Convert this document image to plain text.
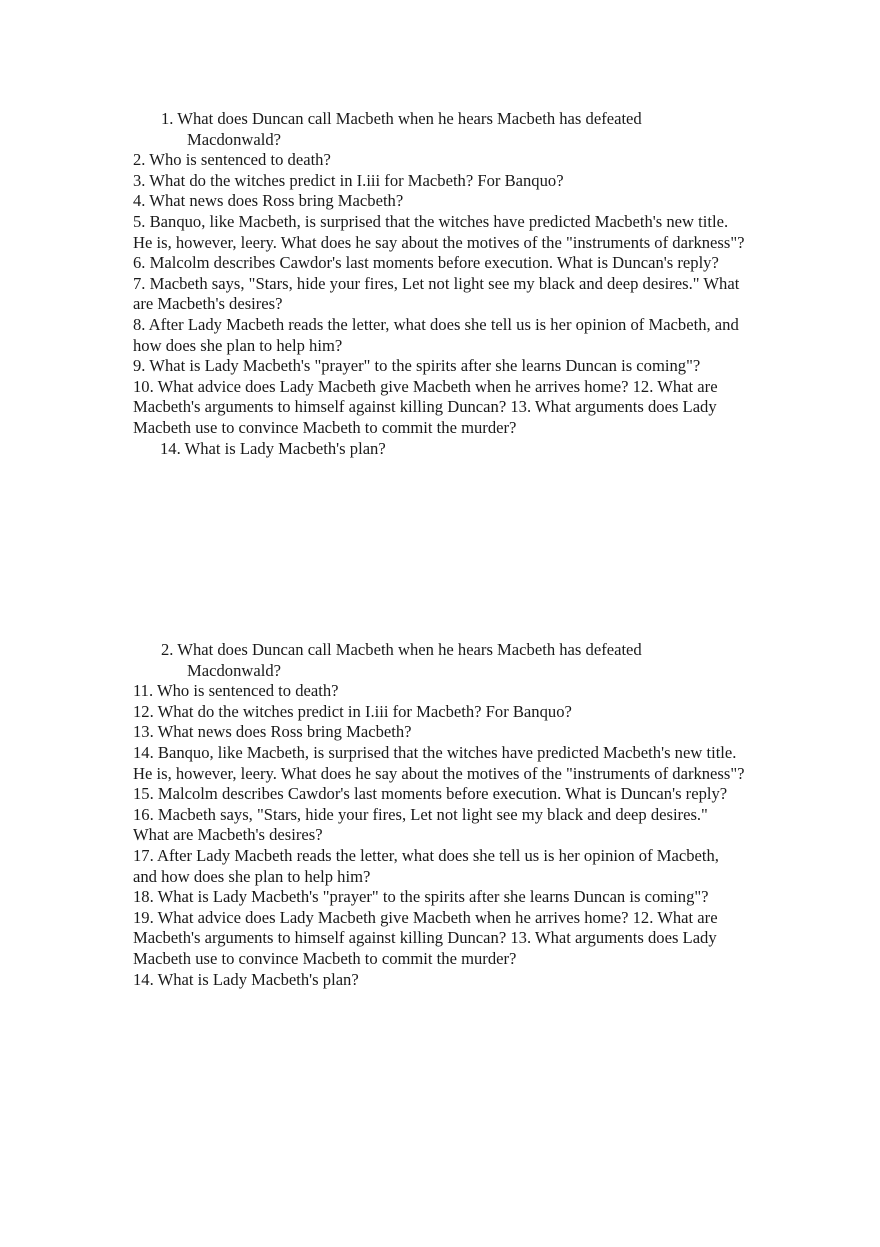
1. What does Duncan call Macbeth when he hears Macbeth has defeated
Macdonwald?

2. Who is sentenced to death?

3. What do the witches predict in I.iii for Macbeth? For Banquo?

4. What news does Ross bring Macbeth?

5. Banquo, like Macbeth, is surprised that the witches have predicted Macbeth's new title. He is, however, leery. What does he say about the motives of the "instruments of darkness"?

6. Malcolm describes Cawdor's last moments before execution. What is Duncan's reply?

7. Macbeth says, "Stars, hide your fires, Let not light see my black and deep desires." What are Macbeth's desires?

8. After Lady Macbeth reads the letter, what does she tell us is her opinion of Macbeth, and how does she plan to help him?

9. What is Lady Macbeth's "prayer" to the spirits after she learns Duncan is coming"?

10. What advice does Lady Macbeth give Macbeth when he arrives home? 12. What are Macbeth's arguments to himself against killing Duncan? 13. What arguments does Lady Macbeth use to convince Macbeth to commit the murder?

14. What is Lady Macbeth's plan?

2. What does Duncan call Macbeth when he hears Macbeth has defeated
Macdonwald?

11. Who is sentenced to death?

12. What do the witches predict in I.iii for Macbeth? For Banquo?

13. What news does Ross bring Macbeth?

14. Banquo, like Macbeth, is surprised that the witches have predicted Macbeth's new title. He is, however, leery. What does he say about the motives of the "instruments of darkness"?

15. Malcolm describes Cawdor's last moments before execution. What is Duncan's reply?

16. Macbeth says, "Stars, hide your fires, Let not light see my black and deep desires." What are Macbeth's desires?

17. After Lady Macbeth reads the letter, what does she tell us is her opinion of Macbeth, and how does she plan to help him?

18. What is Lady Macbeth's "prayer" to the spirits after she learns Duncan is coming"?

19. What advice does Lady Macbeth give Macbeth when he arrives home? 12. What are Macbeth's arguments to himself against killing Duncan? 13. What arguments does Lady Macbeth use to convince Macbeth to commit the murder?

14. What is Lady Macbeth's plan?
